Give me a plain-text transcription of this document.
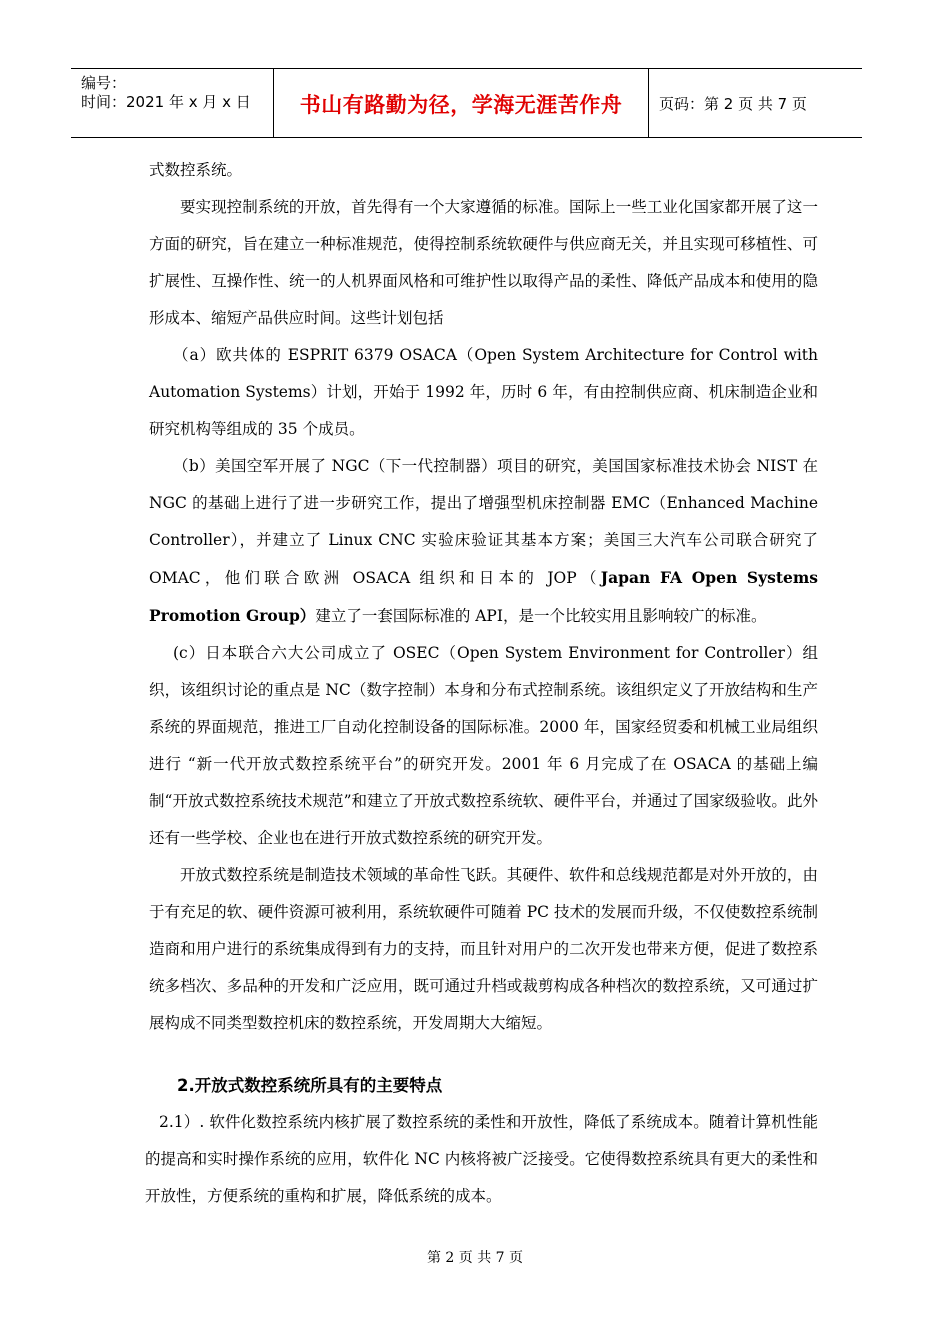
编号：
时间：2021 年 x 月 x 日	书山有路勤为径，学海无涯苦作舟	页码：第 2 页 共 7 页

式数控系统。

要实现控制系统的开放，首先得有一个大家遵循的标准。国际上一些工业化国家都开展了这一方面的研究，旨在建立一种标准规范，使得控制系统软硬件与供应商无关，并且实现可移植性、可扩展性、互操作性、统一的人机界面风格和可维护性以取得产品的柔性、降低产品成本和使用的隐形成本、缩短产品供应时间。这些计划包括

（a）欧共体的 ESPRIT 6379 OSACA（Open System Architecture for Control with Automation Systems）计划，开始于 1992 年，历时 6 年，有由控制供应商、机床制造企业和研究机构等组成的 35 个成员。

（b）美国空军开展了 NGC（下一代控制器）项目的研究，美国国家标准技术协会 NIST 在 NGC 的基础上进行了进一步研究工作，提出了增强型机床控制器 EMC（Enhanced Machine Controller），并建立了 Linux CNC 实验床验证其基本方案；美国三大汽车公司联合研究了 OMAC，他们联合欧洲 OSACA 组织和日本的 JOP（Japan FA Open Systems Promotion Group）建立了一套国际标准的 API，是一个比较实用且影响较广的标准。

(c）日本联合六大公司成立了 OSEC（Open System Environment for Controller）组织，该组织讨论的重点是 NC（数字控制）本身和分布式控制系统。该组织定义了开放结构和生产系统的界面规范，推进工厂自动化控制设备的国际标准。2000 年，国家经贸委和机械工业局组织进行 “新一代开放式数控系统平台”的研究开发。2001 年 6 月完成了在 OSACA 的基础上编制“开放式数控系统技术规范”和建立了开放式数控系统软、硬件平台，并通过了国家级验收。此外还有一些学校、企业也在进行开放式数控系统的研究开发。

开放式数控系统是制造技术领域的革命性飞跃。其硬件、软件和总线规范都是对外开放的，由于有充足的软、硬件资源可被利用，系统软硬件可随着 PC 技术的发展而升级，不仅使数控系统制造商和用户进行的系统集成得到有力的支持，而且针对用户的二次开发也带来方便，促进了数控系统多档次、多品种的开发和广泛应用，既可通过升档或裁剪构成各种档次的数控系统，又可通过扩展构成不同类型数控机床的数控系统，开发周期大大缩短。

2.开放式数控系统所具有的主要特点

2.1）. 软件化数控系统内核扩展了数控系统的柔性和开放性，降低了系统成本。随着计算机性能的提高和实时操作系统的应用，软件化 NC 内核将被广泛接受。它使得数控系统具有更大的柔性和开放性，方便系统的重构和扩展，降低系统的成本。

第 2 页 共 7 页
